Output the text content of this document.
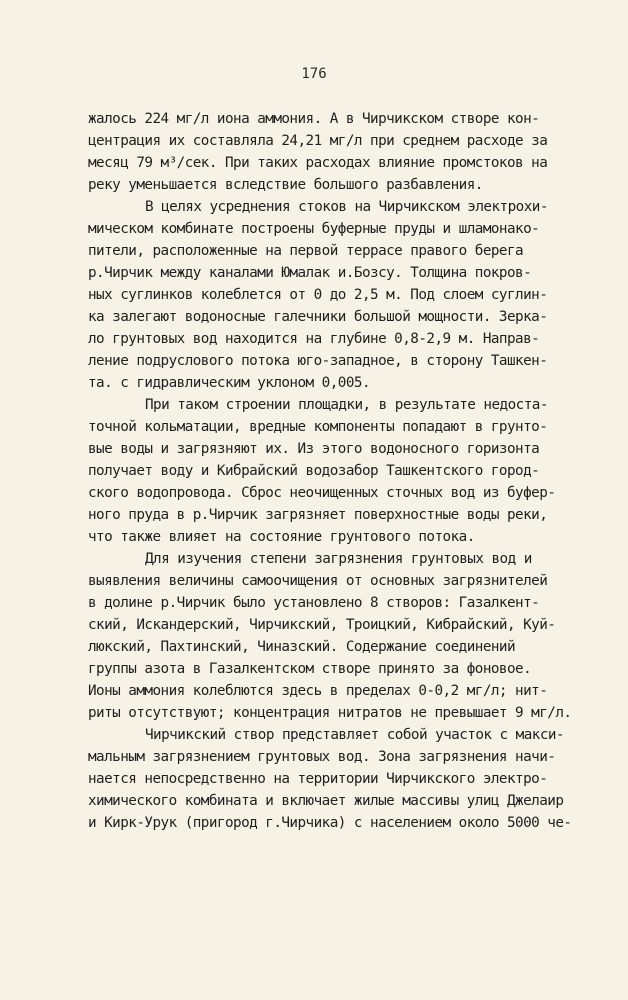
176
жалось 224 мг/л иона аммония. А в Чирчикском створе кон-
центрация их составляла 24,21 мг/л при среднем расходе за
месяц 79 м³/сек. При таких расходах влияние промстоков на
реку уменьшается вследствие большого разбавления.
В целях усреднения стоков на Чирчикском электрохи-
мическом комбинате построены буферные пруды и шламонако-
пители, расположенные на первой террасе правого берега
р.Чирчик между каналами Юмалак и.Бозсу. Толщина покров-
ных суглинков колеблется от 0 до 2,5 м. Под слоем суглин-
ка залегают водоносные галечники большой мощности. Зерка-
ло грунтовых вод находится на глубине 0,8-2,9 м. Направ-
ление подруслового потока юго-западное, в сторону Ташкен-
та. с гидравлическим уклоном 0,005.
При таком строении площадки, в результате недоста-
точной кольматации, вредные компоненты попадают в грунто-
вые воды и загрязняют их. Из этого водоносного горизонта
получает воду и Кибрайский водозабор Ташкентского город-
ского водопровода. Сброс неочищенных сточных вод из буфер-
ного пруда в р.Чирчик загрязняет поверхностные воды реки,
что также влияет на состояние грунтового потока.
Для изучения степени загрязнения грунтовых вод и
выявления величины самоочищения от основных загрязнителей
в долине р.Чирчик было установлено 8 створов: Газалкент-
ский, Искандерский, Чирчикский, Троицкий, Кибрайский, Куй-
люкский, Пахтинский, Чиназский. Содержание соединений
группы азота в Газалкентском створе принято за фоновое.
Ионы аммония колеблются здесь в пределах 0-0,2 мг/л; нит-
риты отсутствуют; концентрация нитратов не превышает 9 мг/л.
Чирчикский створ представляет собой участок с макси-
мальным загрязнением грунтовых вод. Зона загрязнения начи-
нается непосредственно на территории Чирчикского электро-
химического комбината и включает жилые массивы улиц Джелаир
и Кирк-Урук (пригород г.Чирчика) с населением около 5000 че-
